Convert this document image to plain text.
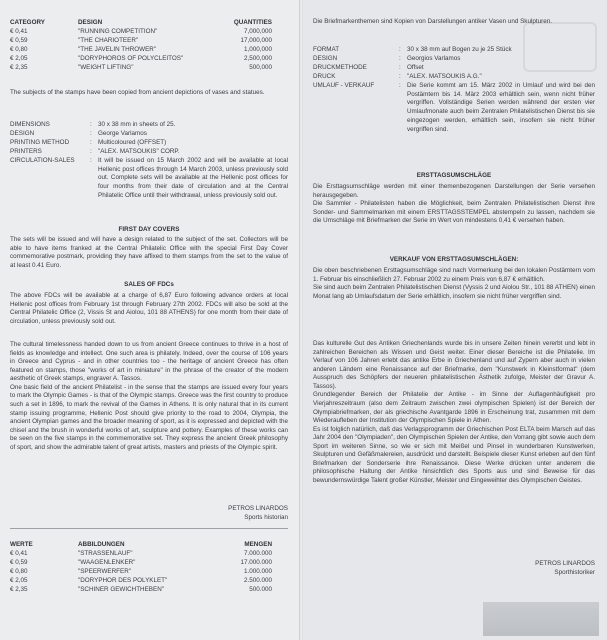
CATEGORY	DESIGN	QUANTITIES
€ 0,41	"RUNNING COMPETITION"	7,000,000
€ 0,59	"THE CHARIOTEER"	17,000,000
€ 0,80	"THE JAVELIN THROWER"	1,000,000
€ 2,05	"DORYPHOROS OF POLYCLEITOS"	2,500,000
€ 2,35	"WEIGHT LIFTING"	500,000

The subjects of the stamps have been copied from ancient depictions of vases and statues.

DIMENSIONS	:	30 x 38 mm in sheets of 25.
DESIGN	:	George Varlamos
PRINTING METHOD	:	Multicoloured (OFFSET)
PRINTERS	:	"ALEX. MATSOUKIS" CORP.
CIRCULATION-SALES	:	It will be issued on 15 March 2002 and will be available at local Hellenic post offices through 14 March 2003, unless previously sold out. Complete sets will be available at the Hellenic post offices for four months from their date of circulation and at the Central Philatelic Office until their withdrawal, unless previously sold out.
FIRST DAY COVERS

The sets will be issued and will have a design related to the subject of the set. Collectors will be able to have items franked at the Central Philatelic Office with the special First Day Cover commemorative postmark, providing they have affixed to them stamps from the set to the value of at least 0.41 Euro.

SALES OF FDCs

The above FDCs will be available at a charge of 6,87 Euro following advance orders at local Hellenic post offices from February 1st through February 27th 2002. FDCs will also be sold at the Central Philatelic Office (2, Vissis St and Aiolou, 101 88 ATHENS) for one month from their date of circulation, unless previously sold out.

The cultural timelessness handed down to us from ancient Greece continues to thrive in a host of fields as knowledge and intellect. One such area is philately. Indeed, over the course of 106 years in Greece and Cyprus - and in other countries too - the heritage of ancient Greece has often featured on stamps, those "works of art in miniature" in the phrase of the creator of the modern aesthetic of Greek stamps, engraver A. Tassos.

One basic field of the ancient Philatelist - in the sense that the stamps are issued every four years to mark the Olympic Games - is that of the Olympic stamps. Greece was the first country to produce such a set in 1896, to mark the revival of the Games in Athens. It is only natural that in its current stamp issuing programme, Hellenic Post should give priority to the road to 2004, Olympia, the ancient Olympian games and the broader meaning of sport, as it is expressed and depicted with the chisel and the brush in wonderful works of art, sculpture and pottery. Examples of these works can be seen on the five stamps in the commemorative set. They express the ancient Greek philosophy of sport, and show the admirable talent of great artists, masters and priests of the Olympic spirit.

PETROS LINARDOS
Sports historian
WERTE	ABBILDUNGEN	MENGEN
€ 0,41	"STRASSENLAUF"	7.000.000
€ 0,59	"WAAGENLENKER"	17.000.000
€ 0,80	"SPEERWERFER"	1.000.000
€ 2,05	"DORYPHOR DES POLYKLET"	2.500.000
€ 2,35	"SCHINER GEWICHTHEBEN"	500.000

Die Briefmarkenthemen sind Kopien von Darstellungen antiker Vasen und Skulpturen.

FORMAT	:	30 x 38 mm auf Bogen zu je 25 Stück
DESIGN	:	Georgios Varlamos
DRUCKMETHODE	:	Offset
DRUCK	:	"ALEX. MATSOUKIS A.G."
UMLAUF - VERKAUF	:	Die Serie kommt am 15. März 2002 in Umlauf und wird bei den Postämtern bis 14. März 2003 erhältlich sein, wenn nicht früher vergriffen. Vollständige Serien werden während der ersten vier Umlaufmonate auch beim Zentralen Philatelistischen Dienst bis sie eingezogen werden, erhältlich sein, insofern sie nicht früher vergriffen sind.
ERSTTAGSUMSCHLÄGE

Die Ersttagsumschläge werden mit einer themenbezogenen Darstellungen der Serie versehen herausgegeben.

Die Sammler - Philatelisten haben die Möglichkeit, beim Zentralen Philatelistischen Dienst ihre Sonder- und Sammelmarken mit einem ERSTTAGSSTEMPEL abstempeln zu lassen, nachdem sie die Umschläge mit Briefmarken der Serie im Wert von mindestens 0,41 € versehen haben.

VERKAUF VON ERSTTAGSUMSCHLÄGEN:

Die oben beschriebenen Ersttagsumschläge sind nach Vormerkung bei den lokalen Postämtern vom 1. Februar bis einschließlich 27. Februar 2002 zu einem Preis von 6,87 € erhältlich.

Sie sind auch beim Zentralen Philatelistischen Dienst (Vyssis 2 und Aiolou Str., 101 88 ATHEN) einen Monat lang ab Umlaufsdatum der Serie erhältlich, insofern sie nicht früher vergriffen sind.

Das kulturelle Gut des Antiken Griechenlands wurde bis in unsere Zeiten hinein vererbt und lebt in zahlreichen Bereichen als Wissen und Geist weiter. Einer dieser Bereiche ist die Philatelie. Im Verlauf von 106 Jahren erlebt das antike Erbe in Griechenland und auf Zypern aber auch in vielen anderen Ländern eine Renaissance auf der Briefmarke, dem "Kunstwerk in Kleinstformat" (dem Ausspruch des Schöpfers der neueren philatelistischen Ästhetik zufolge, Meister der Gravur A. Tassos).

Grundlegender Bereich der Philatelie der Antike - im Sinne der Auflagenhäufigkeit pro Vierjahreszeitraum (also dem Zeitraum zwischen zwei olympischen Spielen) ist der Bereich der Olympiabriefmarken, der als griechische Avantgarde 1896 in Erscheinung trat, zusammen mit dem Wiederaufleben der Institution der Olympischen Spiele in Athen.

Es ist folglich natürlich, daß das Verlagsprogramm der Griechischen Post ELTA beim Marsch auf das Jahr 2004 den "Olympiaden", den Olympischen Spielen der Antike, den Vorrang gibt sowie auch dem Sport im weiteren Sinne, so wie er sich mit Meißel und Pinsel in wunderbaren Kunstwerken, Skulpturen und Gefäßmalereien, ausdrückt und darstellt. Beispiele dieser Kunst erleben auf den fünf Briefmarken der Sonderserie ihre Renaissance. Diese Werke drücken unter anderem die philosophische Haltung der Antike hinsichtlich des Sports aus und sind Beweise für das bewundernswürdige Talent großer Künstler, Meister und Eingeweihter des Olympischen Geistes.

PETROS LINARDOS
Sporthistoriker
